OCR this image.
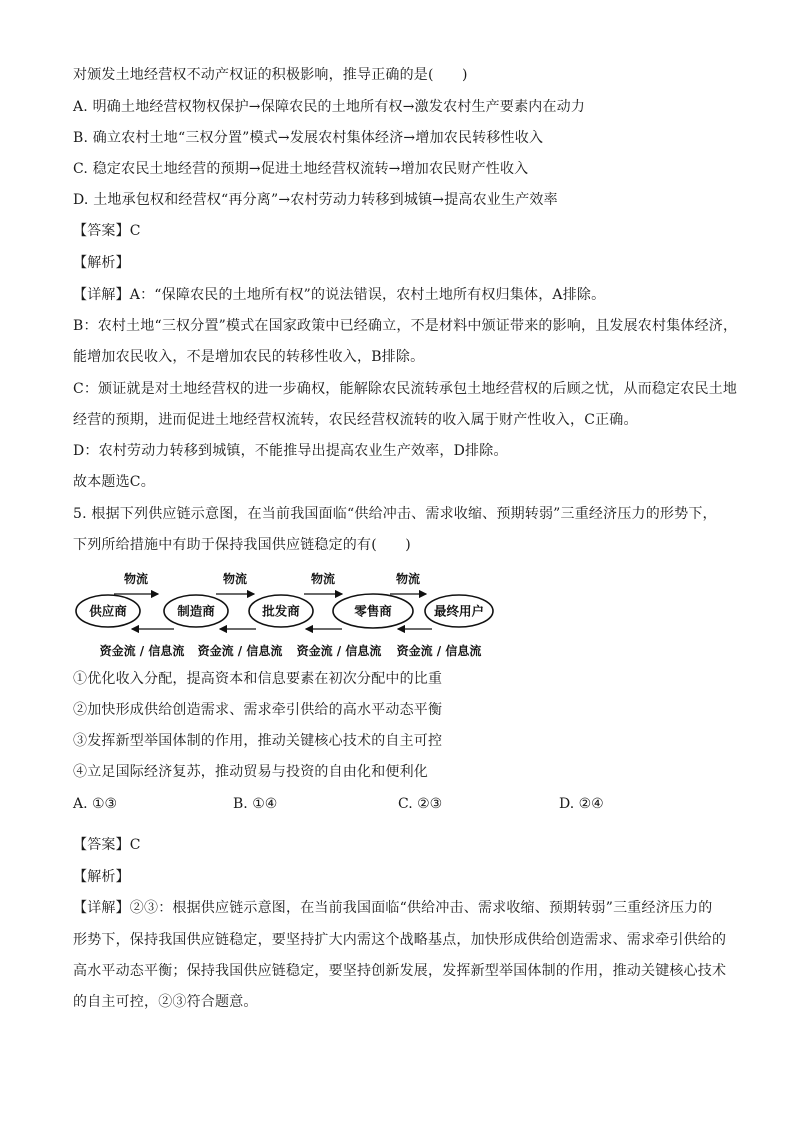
对颁发土地经营权不动产权证的积极影响，推导正确的是(　　)
A. 明确土地经营权物权保护→保障农民的土地所有权→激发农村生产要素内在动力
B. 确立农村土地“三权分置”模式→发展农村集体经济→增加农民转移性收入
C. 稳定农民土地经营的预期→促进土地经营权流转→增加农民财产性收入
D. 土地承包权和经营权“再分离”→农村劳动力转移到城镇→提高农业生产效率
【答案】C
【解析】
【详解】A：“保障农民的土地所有权”的说法错误，农村土地所有权归集体，A排除。
B：农村土地“三权分置”模式在国家政策中已经确立，不是材料中颁证带来的影响，且发展农村集体经济，
能增加农民收入，不是增加农民的转移性收入，B排除。
C：颁证就是对土地经营权的进一步确权，能解除农民流转承包土地经营权的后顾之忧，从而稳定农民土地
经营的预期，进而促进土地经营权流转，农民经营权流转的收入属于财产性收入，C正确。
D：农村劳动力转移到城镇，不能推导出提高农业生产效率，D排除。
故本题选C。
5. 根据下列供应链示意图，在当前我国面临“供给冲击、需求收缩、预期转弱”三重经济压力的形势下，
下列所给措施中有助于保持我国供应链稳定的有(　　)
物流	物流	物流	物流
供应商	制造商	批发商	零售商	最终用户
资金流 / 信息流 资金流 / 信息流 资金流 / 信息流 资金流 / 信息流
①优化收入分配，提高资本和信息要素在初次分配中的比重
②加快形成供给创造需求、需求牵引供给的高水平动态平衡
③发挥新型举国体制的作用，推动关键核心技术的自主可控
④立足国际经济复苏，推动贸易与投资的自由化和便利化
A. ①③	B. ①④	C. ②③	D. ②④
【答案】C
【解析】
【详解】②③：根据供应链示意图，在当前我国面临“供给冲击、需求收缩、预期转弱”三重经济压力的
形势下，保持我国供应链稳定，要坚持扩大内需这个战略基点，加快形成供给创造需求、需求牵引供给的
高水平动态平衡；保持我国供应链稳定，要坚持创新发展，发挥新型举国体制的作用，推动关键核心技术
的自主可控，②③符合题意。
